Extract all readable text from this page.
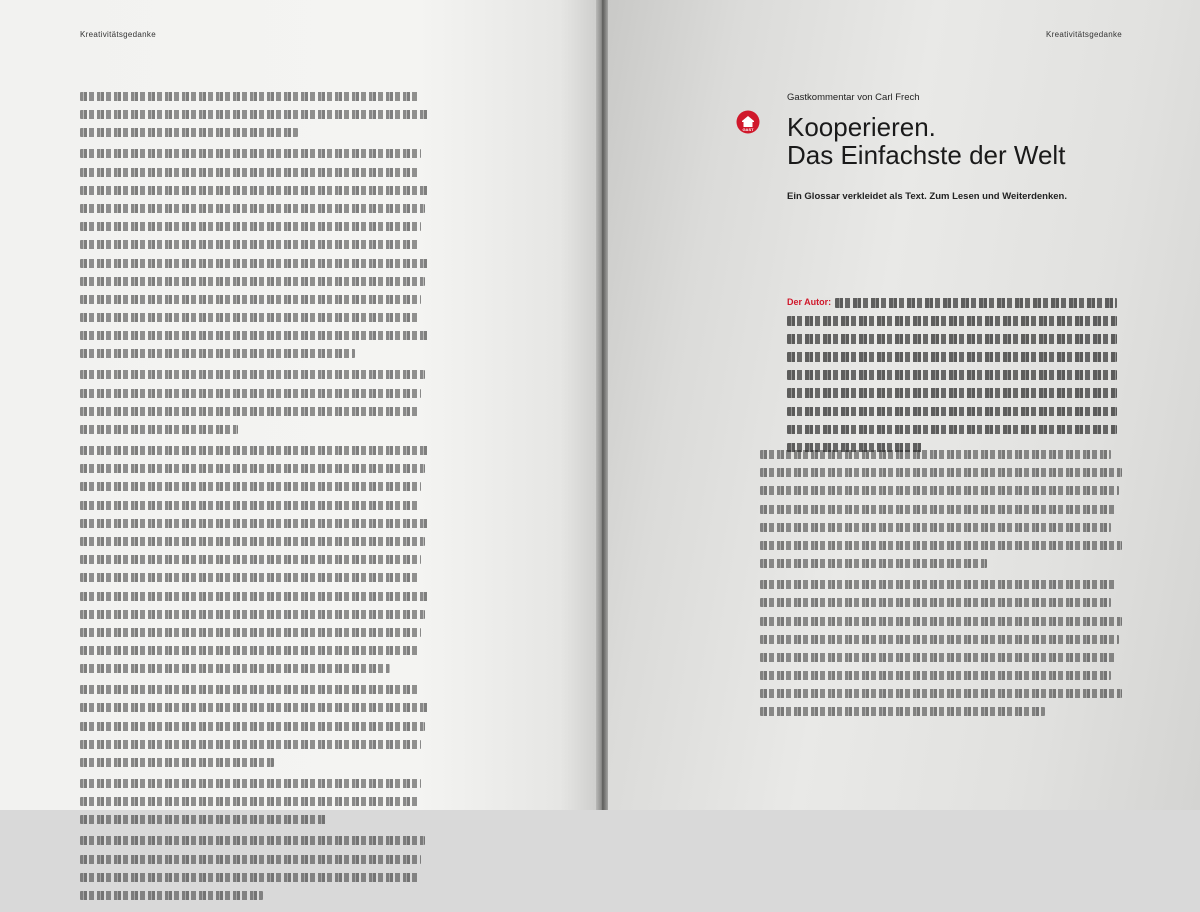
Kreativitätsgedanke	Kreativitätsgedanke
GAST

Gastkommentar von Carl Frech

Kooperieren.
Das Einfachste der Welt
Ein Glossar verkleidet als Text. Zum Lesen und Weiterdenken.
Der Autor:
